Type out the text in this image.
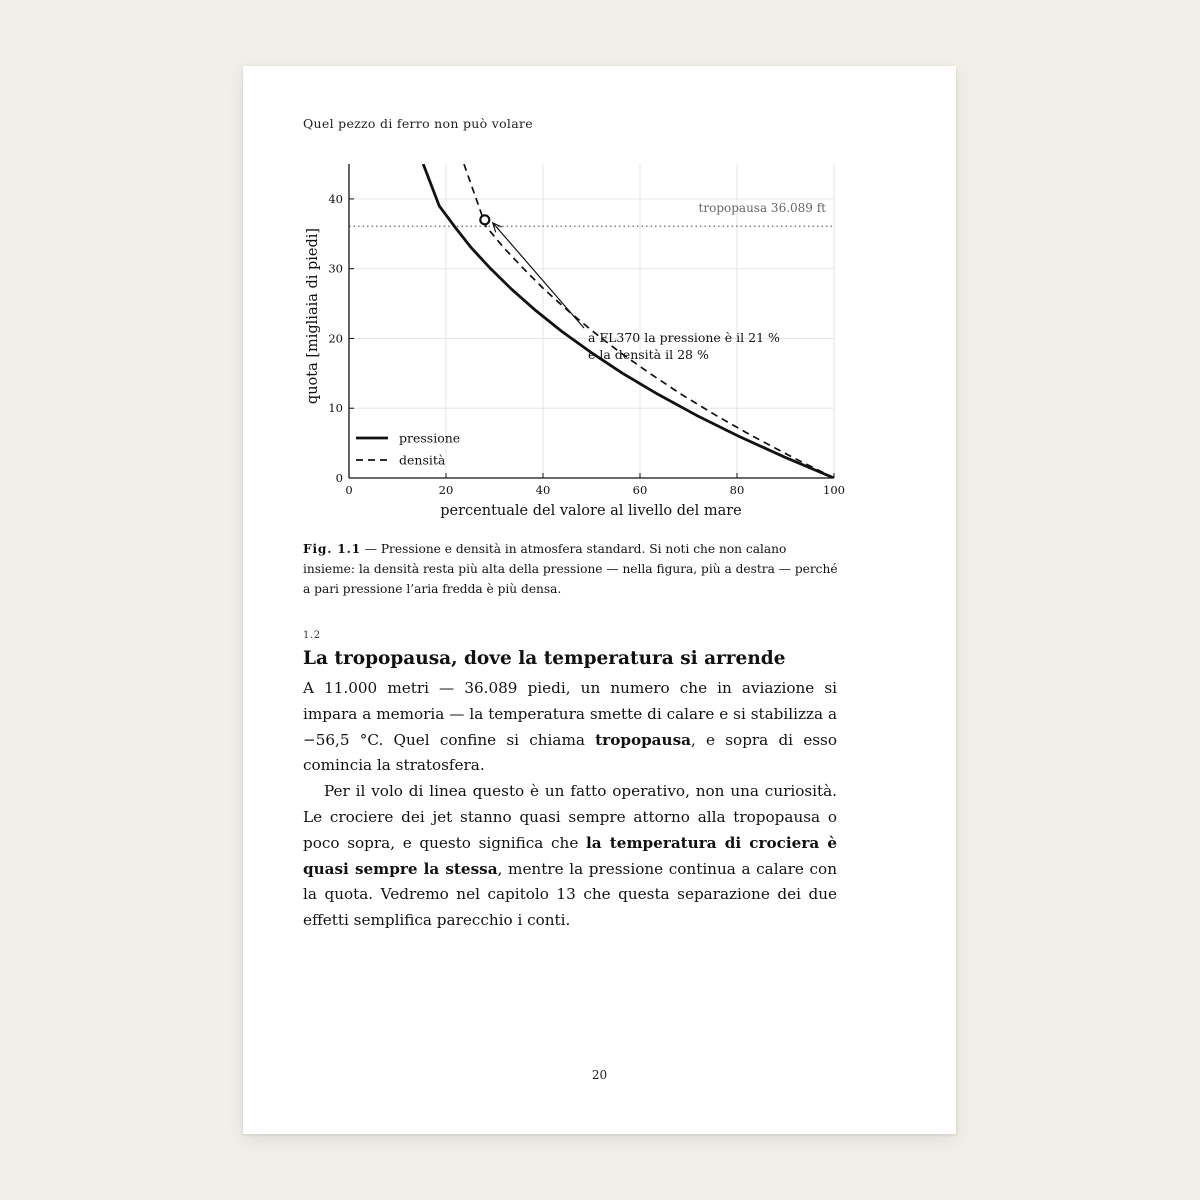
Quel pezzo di ferro non può volare
tropopausa 36.089 ft
0	20	40	60	80	100
0
10
20
30
40
a FL370 la pressione è il 21 %
e la densità il 28 %
pressione
densità
percentuale del valore al livello del mare
quota [migliaia di piedi]
Fig. 1.1 — Pressione e densità in atmosfera standard. Si noti che non calano insieme: la densità resta più alta della pressione — nella figura, più a destra — perché a pari pressione l’aria fredda è più densa.
1.2
La tropopausa, dove la temperatura si arrende

A 11.000 metri — 36.089 piedi, un numero che in aviazione si impara a memoria — la temperatura smette di calare e si stabilizza a −56,5 °C. Quel confine si chiama tropopausa, e sopra di esso comincia la stratosfera.

Per il volo di linea questo è un fatto operativo, non una curiosità. Le crociere dei jet stanno quasi sempre attorno alla tropopausa o poco sopra, e questo significa che la temperatura di crociera è quasi sempre la stessa, mentre la pressione continua a calare con la quota. Vedremo nel capitolo 13 che questa separazione dei due effetti semplifica parecchio i conti.

20
